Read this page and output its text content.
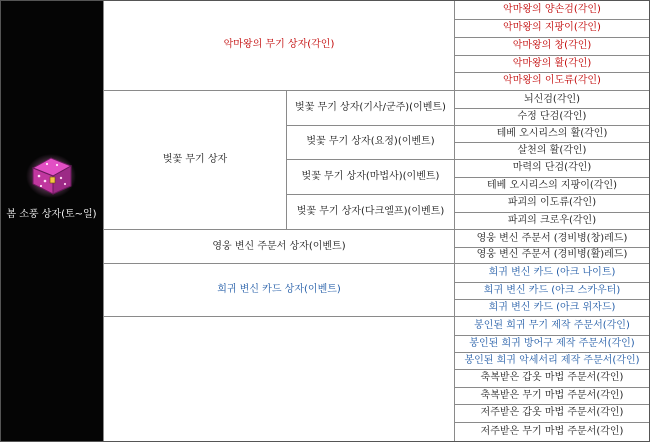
봄 소풍 상자(토~일)
악마왕의 무기 상자(각인)
악마왕의 양손검(각인)
악마왕의 지팡이(각인)
악마왕의 창(각인)
악마왕의 활(각인)
악마왕의 이도류(각인)
벚꽃 무기 상자
벚꽃 무기 상자(기사/군주)(이벤트)
뇌신검(각인)
수정 단검(각인)
벚꽃 무기 상자(요정)(이벤트)
테베 오시리스의 활(각인)
살천의 활(각인)
벚꽃 무기 상자(마법사)(이벤트)
마력의 단검(각인)
테베 오시리스의 지팡이(각인)
벚꽃 무기 상자(다크엘프)(이벤트)
파괴의 이도류(각인)
파괴의 크로우(각인)
영웅 변신 주문서 상자(이벤트)
영웅 변신 주문서 (경비병(창)레드)
영웅 변신 주문서 (경비병(활)레드)
희귀 변신 카드 상자(이벤트)
희귀 변신 카드 (아크 나이트)
희귀 변신 카드 (아크 스카우터)
희귀 변신 카드 (아크 위자드)
봉인된 희귀 무기 제작 주문서(각인)
봉인된 희귀 방어구 제작 주문서(각인)
봉인된 희귀 악세서리 제작 주문서(각인)
축복받은 갑옷 마법 주문서(각인)
축복받은 무기 마법 주문서(각인)
저주받은 갑옷 마법 주문서(각인)
저주받은 무기 마법 주문서(각인)
